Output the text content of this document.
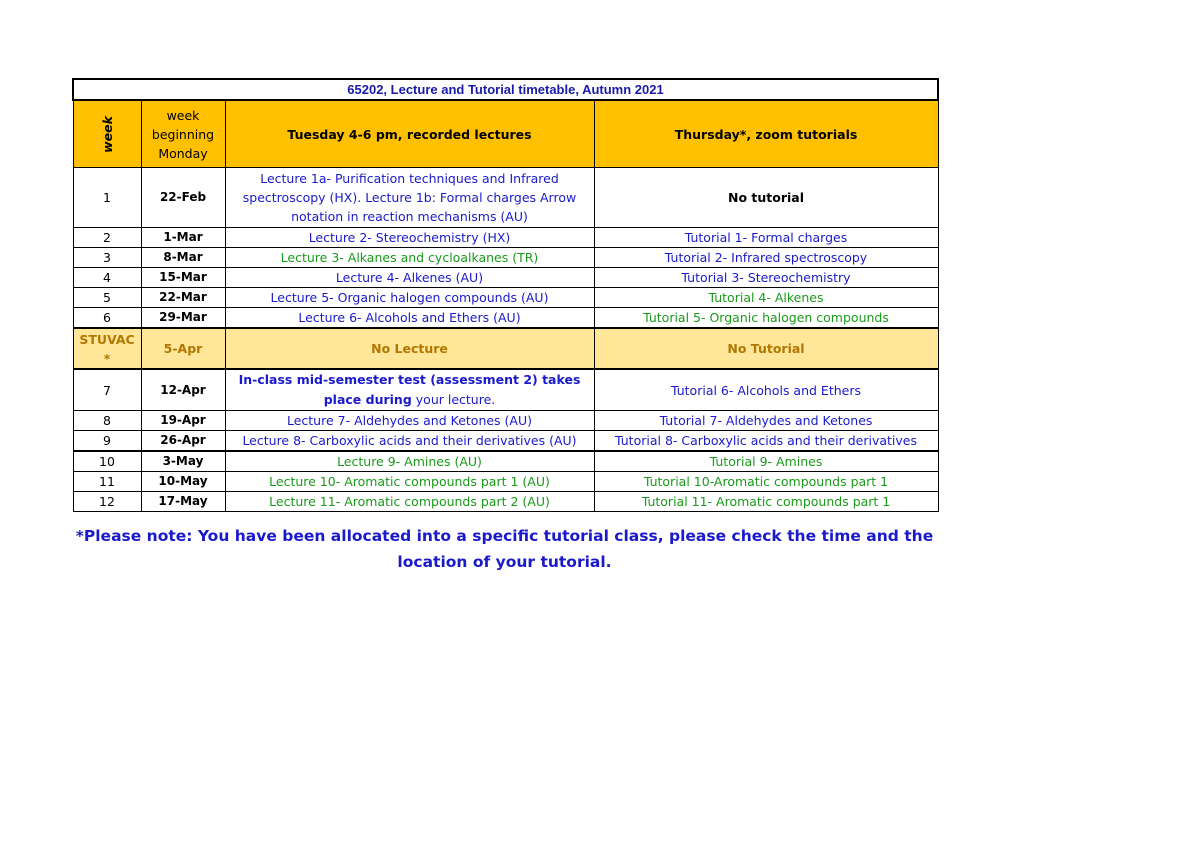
65202, Lecture and Tutorial timetable, Autumn 2021			
week	week beginning Monday	Tuesday 4-6 pm, recorded lectures	Thursday*, zoom tutorials
1	22-Feb	Lecture 1a- Purification techniques and Infrared spectroscopy (HX). Lecture 1b: Formal charges Arrow notation in reaction mechanisms (AU)	No tutorial
2	1-Mar	Lecture 2- Stereochemistry (HX)	Tutorial 1- Formal charges
3	8-Mar	Lecture 3- Alkanes and cycloalkanes (TR)	Tutorial 2- Infrared spectroscopy
4	15-Mar	Lecture 4- Alkenes (AU)	Tutorial 3- Stereochemistry
5	22-Mar	Lecture 5- Organic halogen compounds (AU)	Tutorial 4- Alkenes
6	29-Mar	Lecture 6- Alcohols and Ethers (AU)	Tutorial 5- Organic halogen compounds
STUVAC *	5-Apr	No Lecture	No Tutorial
7	12-Apr	In-class mid-semester test (assessment 2) takes place during your lecture.	Tutorial 6- Alcohols and Ethers
8	19-Apr	Lecture 7- Aldehydes and Ketones (AU)	Tutorial 7- Aldehydes and Ketones
9	26-Apr	Lecture 8- Carboxylic acids and their derivatives (AU)	Tutorial 8- Carboxylic acids and their derivatives
10	3-May	Lecture 9- Amines (AU)	Tutorial 9- Amines
11	10-May	Lecture 10- Aromatic compounds part 1 (AU)	Tutorial 10-Aromatic compounds part 1
12	17-May	Lecture 11- Aromatic compounds part 2 (AU)	Tutorial 11- Aromatic compounds part 1
*Please note: You have been allocated into a specific tutorial class, please check the time and the location of your tutorial.
